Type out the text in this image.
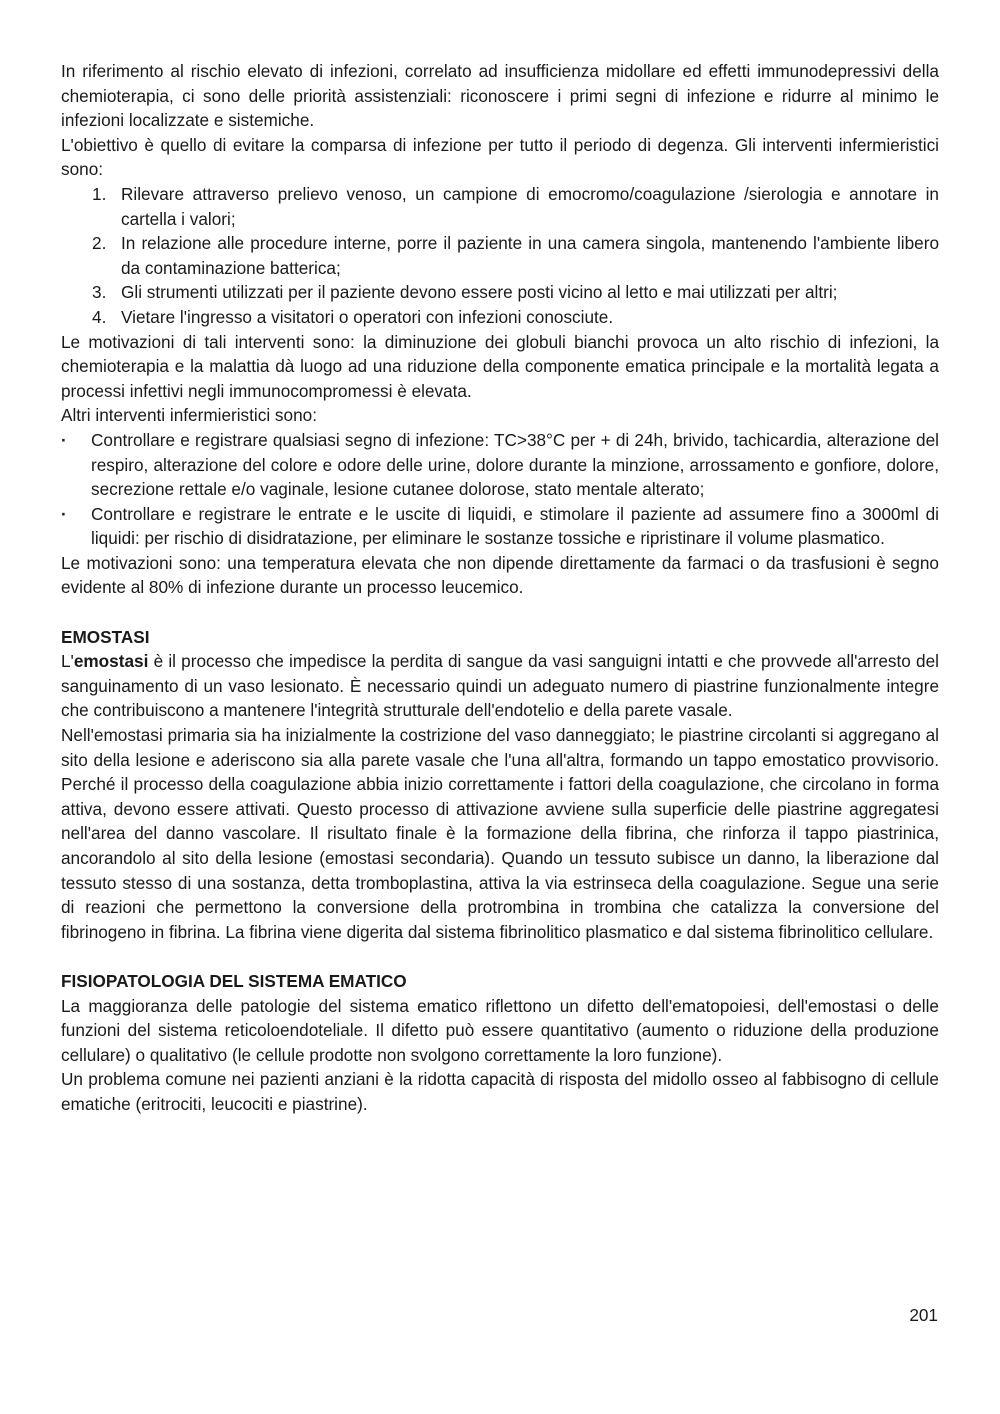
In riferimento al rischio elevato di infezioni, correlato ad insufficienza midollare ed effetti immunodepressivi della chemioterapia, ci sono delle priorità assistenziali: riconoscere i primi segni di infezione e ridurre al minimo le infezioni localizzate e sistemiche.

L'obiettivo è quello di evitare la comparsa di infezione per tutto il periodo di degenza. Gli interventi infermieristici sono:

Rilevare attraverso prelievo venoso, un campione di emocromo/coagulazione /sierologia e annotare in cartella i valori;
In relazione alle procedure interne, porre il paziente in una camera singola, mantenendo l'ambiente libero da contaminazione batterica;
Gli strumenti utilizzati per il paziente devono essere posti vicino al letto e mai utilizzati per altri;
Vietare l'ingresso a visitatori o operatori con infezioni conosciute.

Le motivazioni di tali interventi sono: la diminuzione dei globuli bianchi provoca un alto rischio di infezioni, la chemioterapia e la malattia dà luogo ad una riduzione della componente ematica principale e la mortalità legata a processi infettivi negli immunocompromessi è elevata.

Altri interventi infermieristici sono:

· Controllare e registrare qualsiasi segno di infezione: TC>38°C per + di 24h, brivido, tachicardia, alterazione del respiro, alterazione del colore e odore delle urine, dolore durante la minzione, arrossamento e gonfiore, dolore, secrezione rettale e/o vaginale, lesione cutanee dolorose, stato mentale alterato;
· Controllare e registrare le entrate e le uscite di liquidi, e stimolare il paziente ad assumere fino a 3000ml di liquidi: per rischio di disidratazione, per eliminare le sostanze tossiche e ripristinare il volume plasmatico.

Le motivazioni sono: una temperatura elevata che non dipende direttamente da farmaci o da trasfusioni è segno evidente al 80% di infezione durante un processo leucemico.

EMOSTASI

L'emostasi è il processo che impedisce la perdita di sangue da vasi sanguigni intatti e che provvede all'arresto del sanguinamento di un vaso lesionato. È necessario quindi un adeguato numero di piastrine funzionalmente integre che contribuiscono a mantenere l'integrità strutturale dell'endotelio e della parete vasale.

Nell'emostasi primaria sia ha inizialmente la costrizione del vaso danneggiato; le piastrine circolanti si aggregano al sito della lesione e aderiscono sia alla parete vasale che l'una all'altra, formando un tappo emostatico provvisorio. Perché il processo della coagulazione abbia inizio correttamente i fattori della coagulazione, che circolano in forma attiva, devono essere attivati. Questo processo di attivazione avviene sulla superficie delle piastrine aggregatesi nell'area del danno vascolare. Il risultato finale è la formazione della fibrina, che rinforza il tappo piastrinica, ancorandolo al sito della lesione (emostasi secondaria). Quando un tessuto subisce un danno, la liberazione dal tessuto stesso di una sostanza, detta tromboplastina, attiva la via estrinseca della coagulazione. Segue una serie di reazioni che permettono la conversione della protrombina in trombina che catalizza la conversione del fibrinogeno in fibrina. La fibrina viene digerita dal sistema fibrinolitico plasmatico e dal sistema fibrinolitico cellulare.

FISIOPATOLOGIA DEL SISTEMA EMATICO

La maggioranza delle patologie del sistema ematico riflettono un difetto dell'ematopoiesi, dell'emostasi o delle funzioni del sistema reticoloendoteliale. Il difetto può essere quantitativo (aumento o riduzione della produzione cellulare) o qualitativo (le cellule prodotte non svolgono correttamente la loro funzione).

Un problema comune nei pazienti anziani è la ridotta capacità di risposta del midollo osseo al fabbisogno di cellule ematiche (eritrociti, leucociti e piastrine).

201
